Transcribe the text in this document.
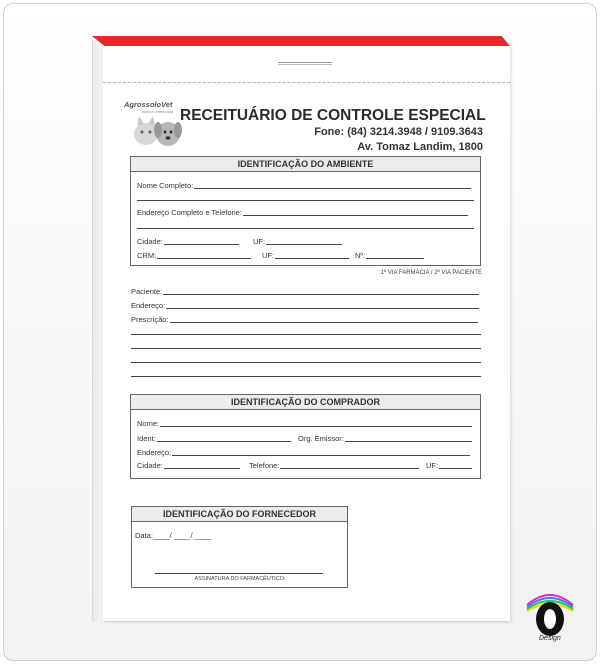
AgrossoloVet
clínica veterinária RECEITUÁRIO DE CONTROLE ESPECIAL
Fone: (84) 3214.3948 / 9109.3643
Av. Tomaz Landim, 1800
IDENTIFICAÇÃO DO AMBIENTE
Nome Completo:
Endereço Completo e Telefone:
Cidade:	UF:
CRM:	UF:	Nº:
1º VIA FARMÁCIA / 2ª VIA PACIENTE
Paciente:
Endereço:
Prescrição:
IDENTIFICAÇÃO DO COMPRADOR
Nome:
Ident:	Org. Emissor:
Endereço:
Cidade:	Telefone:	UF:
IDENTIFICAÇÃO DO FORNECEDOR
Data:____/ ____/ ____
ASSINATURA DO FARMACÊUTICO:
Design
